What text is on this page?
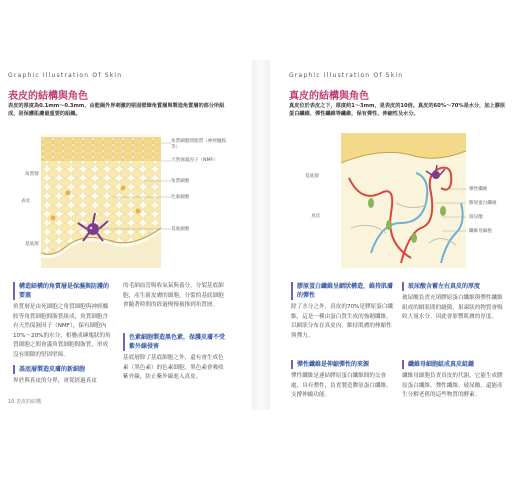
Graphic Illustration Of Skin
表皮的結構與角色
表皮的厚度為0.1mm～0.3mm，由能隔外界刺激的堅固壁障角質層與製造角質層的部分所組成，是保護肌膚最重要的組織。
表皮
角質層
基底層
角質細胞間脂質（神經醯胺等）
天然保濕因子（NMF）
角質細胞
色素細胞
基底細胞
構造結構的角質層是保濕與防護的要塞
角質層是由死細胞之角質細胞與神經醯胺等角質細胞間脂質組成，角質細胞含有天然保濕因子（NMF），保有細胞內10%～20%的水分，相疊成磚塊狀的角質細胞之間會滿角質細胞間脂質，形成沒有間隙的堅固壁障。
基底層製造皮膚的新細胞
界於與真皮的分界，會從經過真皮
的毛細血管吸收氧氣與養分，分裂基底細胞，產生新皮膚的細胞。分裂的基底細胞會隨著時間的經過慢慢被推到角質層。
色素細胞製造黑色素，保護皮膚不受紫外線侵害
基底層除了基底細胞之外，還有會生成色素（黑色素）的色素細胞。黑色素會吸收紫外線，防止紫外線進入真皮。
10 表皮的結構
Graphic Illustration Of Skin
真皮的結構與角色
真皮位於表皮之下，厚度約1～3mm，是表皮的10倍。真皮的60%～70%是水分，加上膠原蛋白纖維、彈性纖維等纖維，保有彈性、伸縮性及水分。
基底層
真皮
彈性纖維
膠原蛋白纖維
玻尿酸
纖維母細胞
膠原蛋白纖維呈網狀構造，維持肌膚的彈性
除了水分之外，真皮的70%是膠原蛋白纖維，這是一種由蛋白質生成的強韌纖維，以網狀分布在真皮內，維持肌膚的伸縮性與彈力。
彈性纖維是伸縮彈性的來源
彈性纖維是連結膠原蛋白纖維間的交會處，具有彈性，負責製造膠原蛋白纖維，支撐伸縮功能。
玻尿酸含蓄左右真皮的厚度
玻尿酸負責充填膠原蛋白纖維與彈性纖維組成的網狀間的縫隙，果凍狀的物質會吸收大量水分，因此會影響肌膚的厚度。
纖維母細胞組成真皮組織
纖維母細胞負責真皮的代謝，它能生成膠原蛋白纖維、彈性纖維、玻尿酸，還能產生分解老舊的這些物質的酵素。
